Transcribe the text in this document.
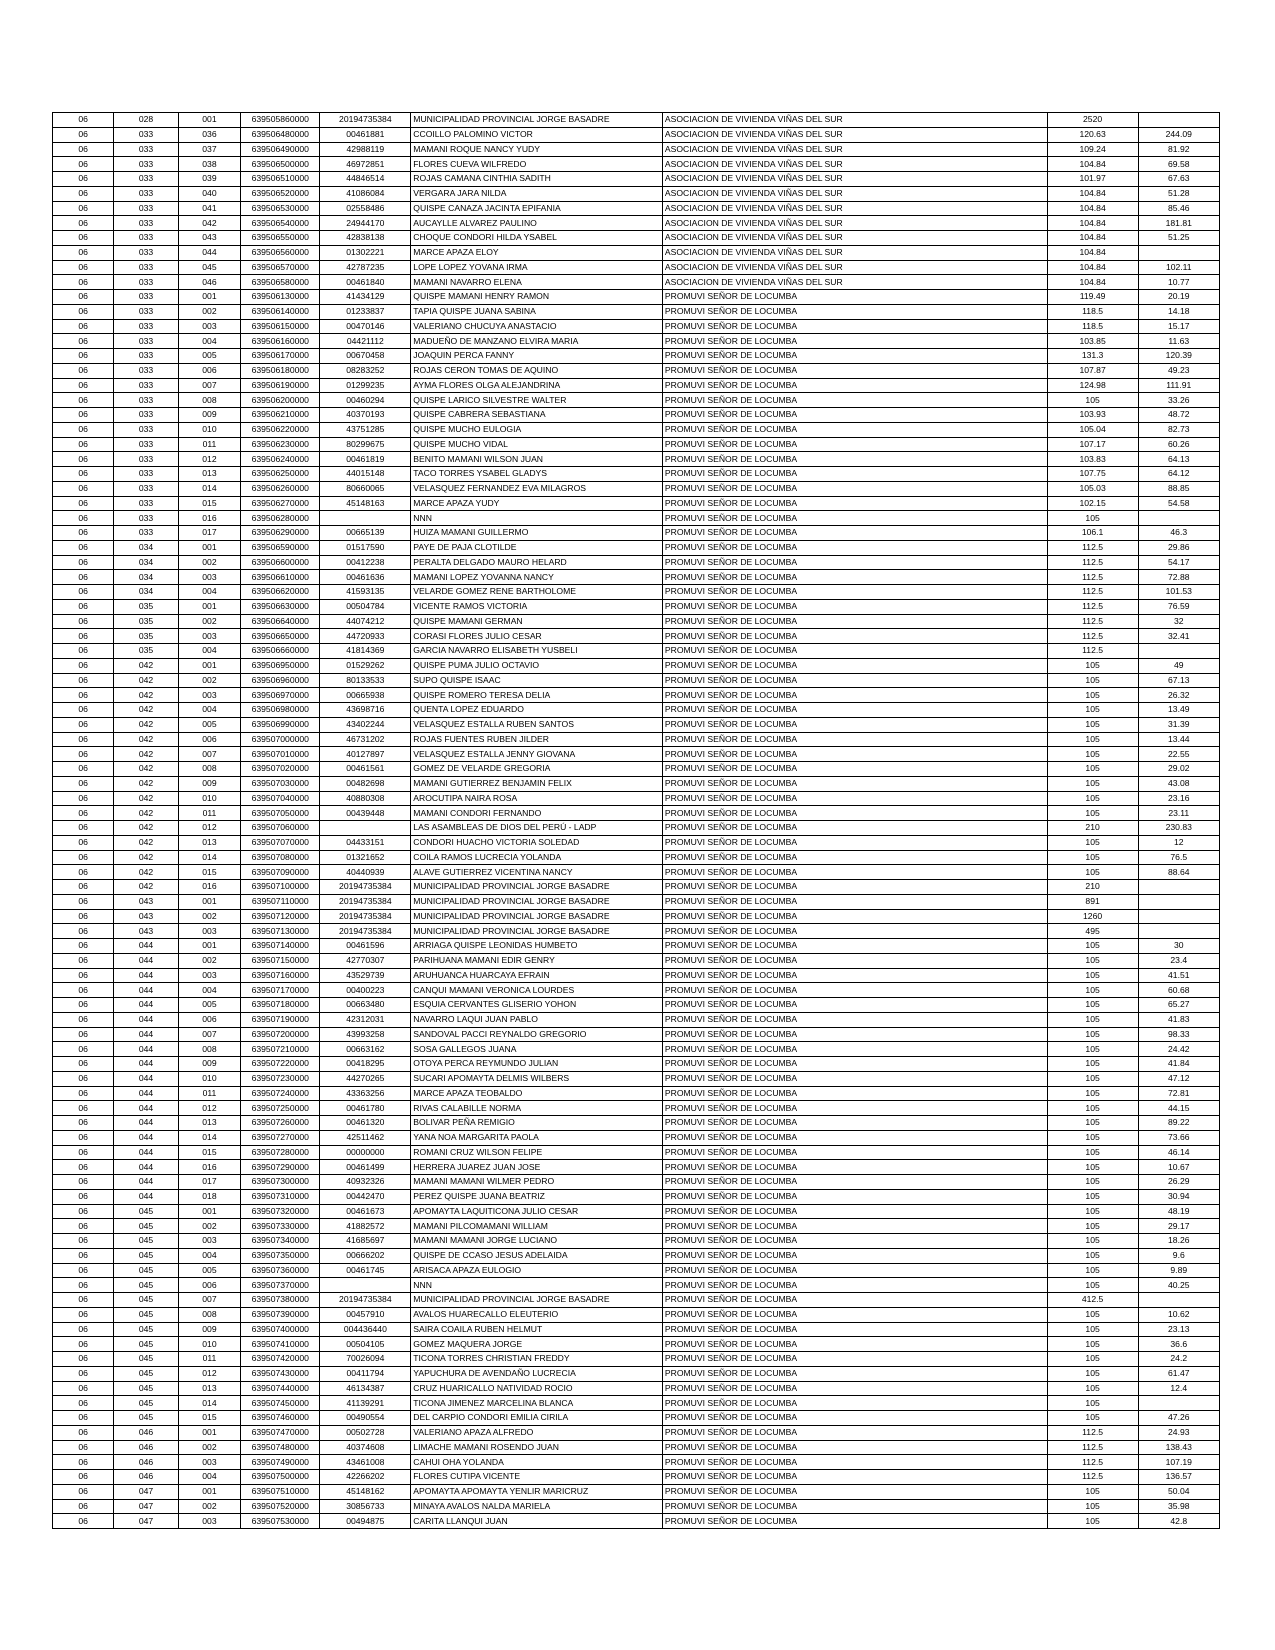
06	028	001	639505860000	20194735384	MUNICIPALIDAD PROVINCIAL JORGE BASADRE	ASOCIACION DE VIVIENDA VIÑAS DEL SUR	2520	
06	033	036	639506480000	00461881	CCOILLO PALOMINO VICTOR	ASOCIACION DE VIVIENDA VIÑAS DEL SUR	120.63	244.09
06	033	037	639506490000	42988119	MAMANI ROQUE NANCY YUDY	ASOCIACION DE VIVIENDA VIÑAS DEL SUR	109.24	81.92
06	033	038	639506500000	46972851	FLORES CUEVA WILFREDO	ASOCIACION DE VIVIENDA VIÑAS DEL SUR	104.84	69.58
06	033	039	639506510000	44846514	ROJAS CAMANA CINTHIA SADITH	ASOCIACION DE VIVIENDA VIÑAS DEL SUR	101.97	67.63
06	033	040	639506520000	41086084	VERGARA JARA NILDA	ASOCIACION DE VIVIENDA VIÑAS DEL SUR	104.84	51.28
06	033	041	639506530000	02558486	QUISPE CANAZA JACINTA EPIFANIA	ASOCIACION DE VIVIENDA VIÑAS DEL SUR	104.84	85.46
06	033	042	639506540000	24944170	AUCAYLLE ALVAREZ PAULINO	ASOCIACION DE VIVIENDA VIÑAS DEL SUR	104.84	181.81
06	033	043	639506550000	42838138	CHOQUE CONDORI HILDA YSABEL	ASOCIACION DE VIVIENDA VIÑAS DEL SUR	104.84	51.25
06	033	044	639506560000	01302221	MARCE APAZA ELOY	ASOCIACION DE VIVIENDA VIÑAS DEL SUR	104.84	
06	033	045	639506570000	42787235	LOPE LOPEZ YOVANA IRMA	ASOCIACION DE VIVIENDA VIÑAS DEL SUR	104.84	102.11
06	033	046	639506580000	00461840	MAMANI NAVARRO ELENA	ASOCIACION DE VIVIENDA VIÑAS DEL SUR	104.84	10.77
06	033	001	639506130000	41434129	QUISPE MAMANI HENRY RAMON	PROMUVI SEÑOR DE LOCUMBA	119.49	20.19
06	033	002	639506140000	01233837	TAPIA QUISPE JUANA SABINA	PROMUVI SEÑOR DE LOCUMBA	118.5	14.18
06	033	003	639506150000	00470146	VALERIANO CHUCUYA ANASTACIO	PROMUVI SEÑOR DE LOCUMBA	118.5	15.17
06	033	004	639506160000	04421112	MADUEÑO DE MANZANO ELVIRA MARIA	PROMUVI SEÑOR DE LOCUMBA	103.85	11.63
06	033	005	639506170000	00670458	JOAQUIN PERCA FANNY	PROMUVI SEÑOR DE LOCUMBA	131.3	120.39
06	033	006	639506180000	08283252	ROJAS CERON TOMAS DE AQUINO	PROMUVI SEÑOR DE LOCUMBA	107.87	49.23
06	033	007	639506190000	01299235	AYMA FLORES OLGA ALEJANDRINA	PROMUVI SEÑOR DE LOCUMBA	124.98	111.91
06	033	008	639506200000	00460294	QUISPE LARICO SILVESTRE WALTER	PROMUVI SEÑOR DE LOCUMBA	105	33.26
06	033	009	639506210000	40370193	QUISPE CABRERA SEBASTIANA	PROMUVI SEÑOR DE LOCUMBA	103.93	48.72
06	033	010	639506220000	43751285	QUISPE MUCHO EULOGIA	PROMUVI SEÑOR DE LOCUMBA	105.04	82.73
06	033	011	639506230000	80299675	QUISPE MUCHO VIDAL	PROMUVI SEÑOR DE LOCUMBA	107.17	60.26
06	033	012	639506240000	00461819	BENITO MAMANI WILSON JUAN	PROMUVI SEÑOR DE LOCUMBA	103.83	64.13
06	033	013	639506250000	44015148	TACO TORRES YSABEL GLADYS	PROMUVI SEÑOR DE LOCUMBA	107.75	64.12
06	033	014	639506260000	80660065	VELASQUEZ FERNANDEZ EVA MILAGROS	PROMUVI SEÑOR DE LOCUMBA	105.03	88.85
06	033	015	639506270000	45148163	MARCE APAZA YUDY	PROMUVI SEÑOR DE LOCUMBA	102.15	54.58
06	033	016	639506280000		NNN	PROMUVI SEÑOR DE LOCUMBA	105	
06	033	017	639506290000	00665139	HUIZA MAMANI GUILLERMO	PROMUVI SEÑOR DE LOCUMBA	106.1	46.3
06	034	001	639506590000	01517590	PAYE DE PAJA CLOTILDE	PROMUVI SEÑOR DE LOCUMBA	112.5	29.86
06	034	002	639506600000	00412238	PERALTA DELGADO MAURO HELARD	PROMUVI SEÑOR DE LOCUMBA	112.5	54.17
06	034	003	639506610000	00461636	MAMANI LOPEZ YOVANNA NANCY	PROMUVI SEÑOR DE LOCUMBA	112.5	72.88
06	034	004	639506620000	41593135	VELARDE GOMEZ RENE BARTHOLOME	PROMUVI SEÑOR DE LOCUMBA	112.5	101.53
06	035	001	639506630000	00504784	VICENTE RAMOS VICTORIA	PROMUVI SEÑOR DE LOCUMBA	112.5	76.59
06	035	002	639506640000	44074212	QUISPE MAMANI GERMAN	PROMUVI SEÑOR DE LOCUMBA	112.5	32
06	035	003	639506650000	44720933	CORASI FLORES JULIO CESAR	PROMUVI SEÑOR DE LOCUMBA	112.5	32.41
06	035	004	639506660000	41814369	GARCIA NAVARRO ELISABETH YUSBELI	PROMUVI SEÑOR DE LOCUMBA	112.5	
06	042	001	639506950000	01529262	QUISPE PUMA JULIO OCTAVIO	PROMUVI SEÑOR DE LOCUMBA	105	49
06	042	002	639506960000	80133533	SUPO QUISPE ISAAC	PROMUVI SEÑOR DE LOCUMBA	105	67.13
06	042	003	639506970000	00665938	QUISPE ROMERO TERESA DELIA	PROMUVI SEÑOR DE LOCUMBA	105	26.32
06	042	004	639506980000	43698716	QUENTA LOPEZ EDUARDO	PROMUVI SEÑOR DE LOCUMBA	105	13.49
06	042	005	639506990000	43402244	VELASQUEZ ESTALLA RUBEN SANTOS	PROMUVI SEÑOR DE LOCUMBA	105	31.39
06	042	006	639507000000	46731202	ROJAS FUENTES RUBEN JILDER	PROMUVI SEÑOR DE LOCUMBA	105	13.44
06	042	007	639507010000	40127897	VELASQUEZ ESTALLA JENNY GIOVANA	PROMUVI SEÑOR DE LOCUMBA	105	22.55
06	042	008	639507020000	00461561	GOMEZ DE VELARDE GREGORIA	PROMUVI SEÑOR DE LOCUMBA	105	29.02
06	042	009	639507030000	00482698	MAMANI GUTIERREZ BENJAMIN FELIX	PROMUVI SEÑOR DE LOCUMBA	105	43.08
06	042	010	639507040000	40880308	AROCUTIPA NAIRA ROSA	PROMUVI SEÑOR DE LOCUMBA	105	23.16
06	042	011	639507050000	00439448	MAMANI CONDORI FERNANDO	PROMUVI SEÑOR DE LOCUMBA	105	23.11
06	042	012	639507060000		LAS ASAMBLEAS DE DIOS DEL PERÚ - LADP	PROMUVI SEÑOR DE LOCUMBA	210	230.83
06	042	013	639507070000	04433151	CONDORI HUACHO VICTORIA SOLEDAD	PROMUVI SEÑOR DE LOCUMBA	105	12
06	042	014	639507080000	01321652	COILA RAMOS LUCRECIA YOLANDA	PROMUVI SEÑOR DE LOCUMBA	105	76.5
06	042	015	639507090000	40440939	ALAVE GUTIERREZ VICENTINA NANCY	PROMUVI SEÑOR DE LOCUMBA	105	88.64
06	042	016	639507100000	20194735384	MUNICIPALIDAD PROVINCIAL JORGE BASADRE	PROMUVI SEÑOR DE LOCUMBA	210	
06	043	001	639507110000	20194735384	MUNICIPALIDAD PROVINCIAL JORGE BASADRE	PROMUVI SEÑOR DE LOCUMBA	891	
06	043	002	639507120000	20194735384	MUNICIPALIDAD PROVINCIAL JORGE BASADRE	PROMUVI SEÑOR DE LOCUMBA	1260	
06	043	003	639507130000	20194735384	MUNICIPALIDAD PROVINCIAL JORGE BASADRE	PROMUVI SEÑOR DE LOCUMBA	495	
06	044	001	639507140000	00461596	ARRIAGA QUISPE LEONIDAS HUMBETO	PROMUVI SEÑOR DE LOCUMBA	105	30
06	044	002	639507150000	42770307	PARIHUANA MAMANI EDIR GENRY	PROMUVI SEÑOR DE LOCUMBA	105	23.4
06	044	003	639507160000	43529739	ARUHUANCA HUARCAYA EFRAIN	PROMUVI SEÑOR DE LOCUMBA	105	41.51
06	044	004	639507170000	00400223	CANQUI MAMANI VERONICA LOURDES	PROMUVI SEÑOR DE LOCUMBA	105	60.68
06	044	005	639507180000	00663480	ESQUIA CERVANTES GLISERIO YOHON	PROMUVI SEÑOR DE LOCUMBA	105	65.27
06	044	006	639507190000	42312031	NAVARRO LAQUI JUAN PABLO	PROMUVI SEÑOR DE LOCUMBA	105	41.83
06	044	007	639507200000	43993258	SANDOVAL PACCI REYNALDO GREGORIO	PROMUVI SEÑOR DE LOCUMBA	105	98.33
06	044	008	639507210000	00663162	SOSA GALLEGOS JUANA	PROMUVI SEÑOR DE LOCUMBA	105	24.42
06	044	009	639507220000	00418295	OTOYA PERCA REYMUNDO JULIAN	PROMUVI SEÑOR DE LOCUMBA	105	41.84
06	044	010	639507230000	44270265	SUCARI APOMAYTA DELMIS WILBERS	PROMUVI SEÑOR DE LOCUMBA	105	47.12
06	044	011	639507240000	43363256	MARCE APAZA TEOBALDO	PROMUVI SEÑOR DE LOCUMBA	105	72.81
06	044	012	639507250000	00461780	RIVAS CALABILLE NORMA	PROMUVI SEÑOR DE LOCUMBA	105	44.15
06	044	013	639507260000	00461320	BOLIVAR PEÑA REMIGIO	PROMUVI SEÑOR DE LOCUMBA	105	89.22
06	044	014	639507270000	42511462	YANA NOA MARGARITA PAOLA	PROMUVI SEÑOR DE LOCUMBA	105	73.66
06	044	015	639507280000	00000000	ROMANI CRUZ WILSON FELIPE	PROMUVI SEÑOR DE LOCUMBA	105	46.14
06	044	016	639507290000	00461499	HERRERA JUAREZ JUAN JOSE	PROMUVI SEÑOR DE LOCUMBA	105	10.67
06	044	017	639507300000	40932326	MAMANI MAMANI WILMER PEDRO	PROMUVI SEÑOR DE LOCUMBA	105	26.29
06	044	018	639507310000	00442470	PEREZ QUISPE JUANA BEATRIZ	PROMUVI SEÑOR DE LOCUMBA	105	30.94
06	045	001	639507320000	00461673	APOMAYTA LAQUITICONA JULIO CESAR	PROMUVI SEÑOR DE LOCUMBA	105	48.19
06	045	002	639507330000	41882572	MAMANI PILCOMAMANI WILLIAM	PROMUVI SEÑOR DE LOCUMBA	105	29.17
06	045	003	639507340000	41685697	MAMANI MAMANI JORGE LUCIANO	PROMUVI SEÑOR DE LOCUMBA	105	18.26
06	045	004	639507350000	00666202	QUISPE DE CCASO JESUS ADELAIDA	PROMUVI SEÑOR DE LOCUMBA	105	9.6
06	045	005	639507360000	00461745	ARISACA APAZA EULOGIO	PROMUVI SEÑOR DE LOCUMBA	105	9.89
06	045	006	639507370000		NNN	PROMUVI SEÑOR DE LOCUMBA	105	40.25
06	045	007	639507380000	20194735384	MUNICIPALIDAD PROVINCIAL JORGE BASADRE	PROMUVI SEÑOR DE LOCUMBA	412.5	
06	045	008	639507390000	00457910	AVALOS HUARECALLO ELEUTERIO	PROMUVI SEÑOR DE LOCUMBA	105	10.62
06	045	009	639507400000	004436440	SAIRA COAILA RUBEN HELMUT	PROMUVI SEÑOR DE LOCUMBA	105	23.13
06	045	010	639507410000	00504105	GOMEZ MAQUERA JORGE	PROMUVI SEÑOR DE LOCUMBA	105	36.6
06	045	011	639507420000	70026094	TICONA TORRES CHRISTIAN FREDDY	PROMUVI SEÑOR DE LOCUMBA	105	24.2
06	045	012	639507430000	00411794	YAPUCHURA DE AVENDAÑO LUCRECIA	PROMUVI SEÑOR DE LOCUMBA	105	61.47
06	045	013	639507440000	46134387	CRUZ HUARICALLO NATIVIDAD ROCIO	PROMUVI SEÑOR DE LOCUMBA	105	12.4
06	045	014	639507450000	41139291	TICONA JIMENEZ MARCELINA BLANCA	PROMUVI SEÑOR DE LOCUMBA	105	
06	045	015	639507460000	00490554	DEL CARPIO CONDORI EMILIA CIRILA	PROMUVI SEÑOR DE LOCUMBA	105	47.26
06	046	001	639507470000	00502728	VALERIANO APAZA ALFREDO	PROMUVI SEÑOR DE LOCUMBA	112.5	24.93
06	046	002	639507480000	40374608	LIMACHE MAMANI ROSENDO JUAN	PROMUVI SEÑOR DE LOCUMBA	112.5	138.43
06	046	003	639507490000	43461008	CAHUI OHA YOLANDA	PROMUVI SEÑOR DE LOCUMBA	112.5	107.19
06	046	004	639507500000	42266202	FLORES CUTIPA VICENTE	PROMUVI SEÑOR DE LOCUMBA	112.5	136.57
06	047	001	639507510000	45148162	APOMAYTA APOMAYTA YENLIR MARICRUZ	PROMUVI SEÑOR DE LOCUMBA	105	50.04
06	047	002	639507520000	30856733	MINAYA AVALOS NALDA MARIELA	PROMUVI SEÑOR DE LOCUMBA	105	35.98
06	047	003	639507530000	00494875	CARITA LLANQUI JUAN	PROMUVI SEÑOR DE LOCUMBA	105	42.8
